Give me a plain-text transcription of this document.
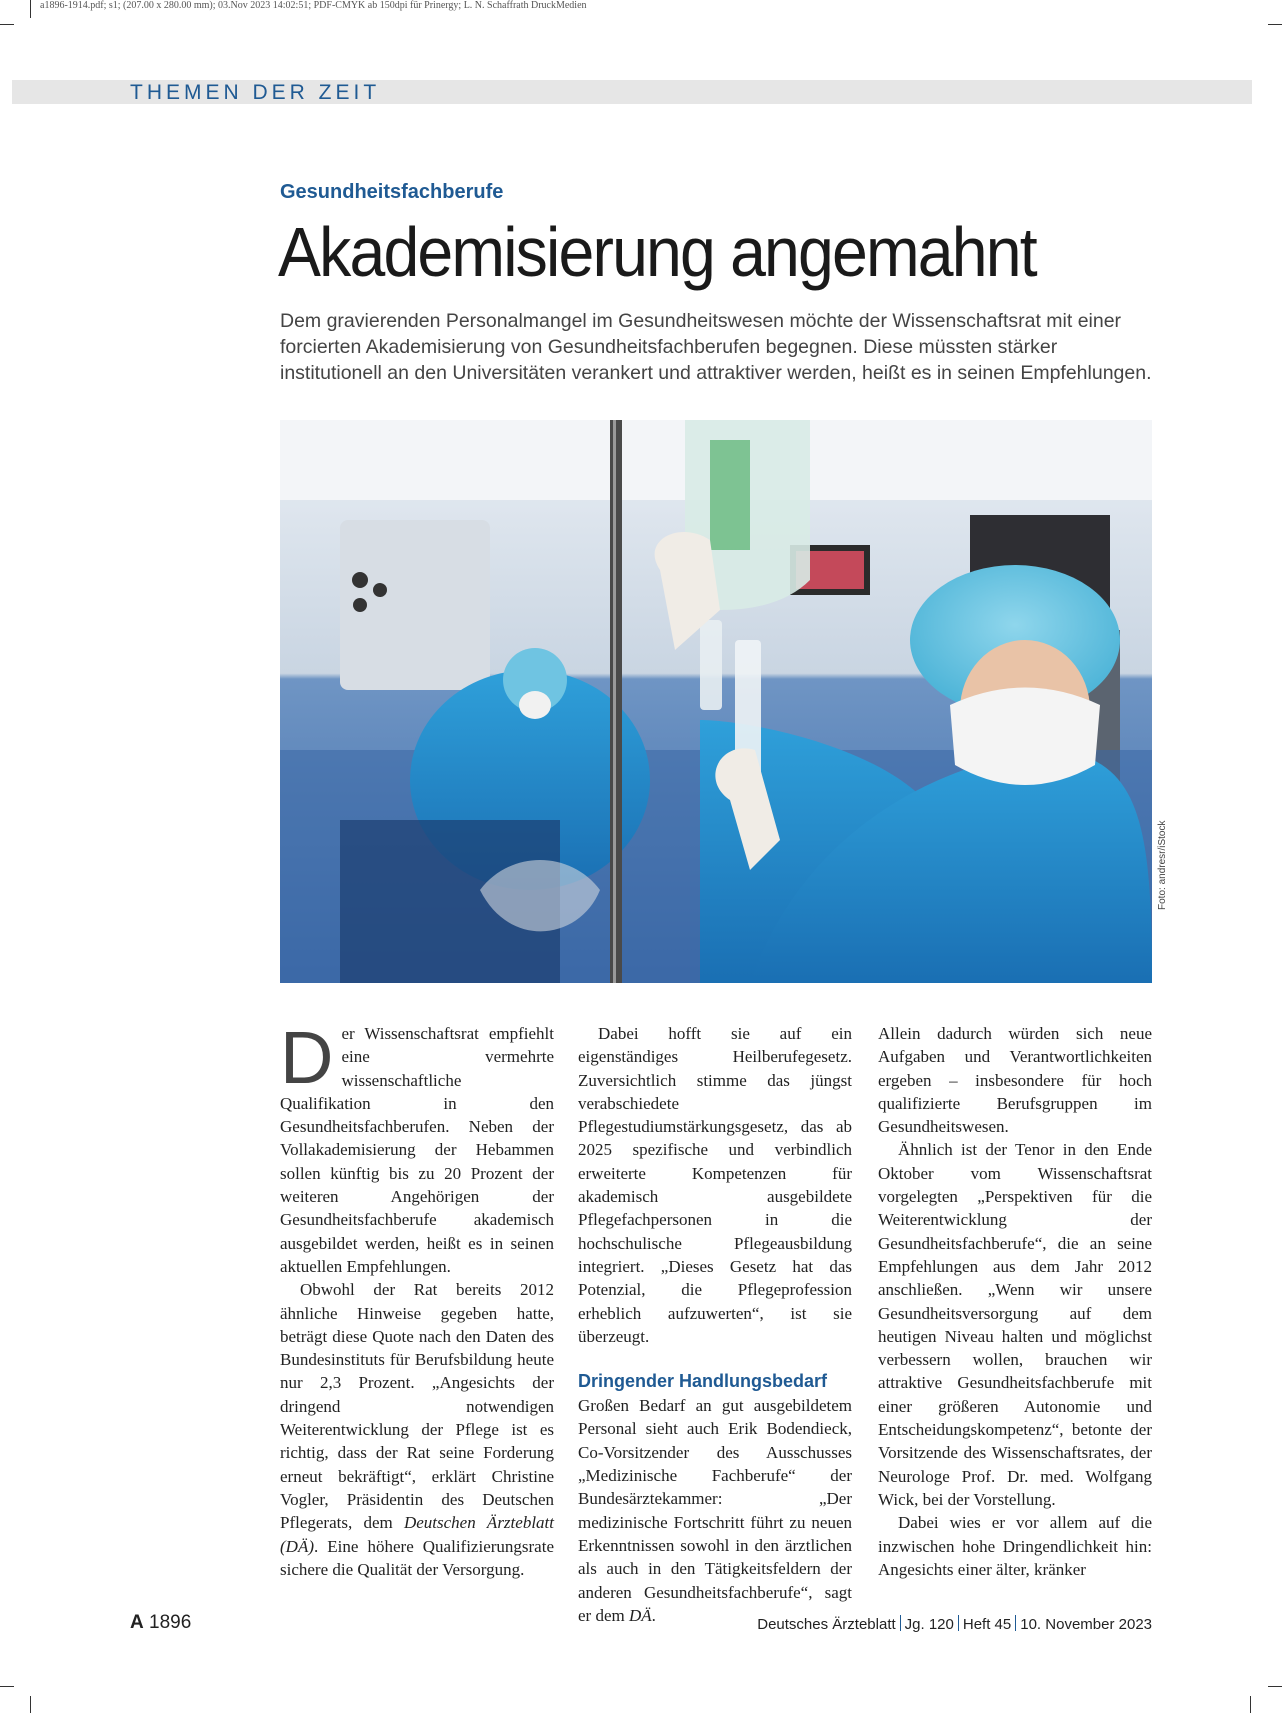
a1896-1914.pdf; s1; (207.00 x 280.00 mm); 03.Nov 2023 14:02:51; PDF-CMYK ab 150dpi für Prinergy; L. N. Schaffrath DruckMedien
THEMEN DER ZEIT
Gesundheitsfachberufe
Akademisierung angemahnt

Dem gravierenden Personalmangel im Gesundheitswesen möchte der Wissenschaftsrat mit einer forcierten Akademisierung von Gesundheitsfachberufen begegnen. Diese müssten stärker institutionell an den Universitäten verankert und attraktiver werden, heißt es in seinen Empfehlungen.

Foto: andresr/iStock

Der Wissenschaftsrat empfiehlt eine vermehrte wissenschaftliche Qualifikation in den Gesundheitsfachberufen. Neben der Vollakademisierung der Hebammen sollen künftig bis zu 20 Prozent der weiteren Angehörigen der Gesundheitsfachberufe akademisch ausgebildet werden, heißt es in seinen aktuellen Empfehlungen.

Obwohl der Rat bereits 2012 ähnliche Hinweise gegeben hatte, beträgt diese Quote nach den Daten des Bundesinstituts für Berufsbildung heute nur 2,3 Prozent. „Angesichts der dringend notwendigen Weiterentwicklung der Pflege ist es richtig, dass der Rat seine Forderung erneut bekräftigt“, erklärt Christine Vogler, Präsidentin des Deutschen Pflegerats, dem Deutschen Ärzteblatt (DÄ). Eine höhere Qualifizierungsrate sichere die Qualität der Versorgung.

Dabei hofft sie auf ein eigenständiges Heilberufegesetz. Zuversichtlich stimme das jüngst verabschiedete Pflegestudiumstärkungsgesetz, das ab 2025 spezifische und verbindlich erweiterte Kompetenzen für akademisch ausgebildete Pflegefachpersonen in die hochschulische Pflegeausbildung integriert. „Dieses Gesetz hat das Potenzial, die Pflegeprofession erheblich aufzuwerten“, ist sie überzeugt.

Dringender Handlungsbedarf

Großen Bedarf an gut ausgebildetem Personal sieht auch Erik Bodendieck, Co-Vorsitzender des Ausschusses „Medizinische Fachberufe“ der Bundesärztekammer: „Der medizinische Fortschritt führt zu neuen Erkenntnissen sowohl in den ärztlichen als auch in den Tätigkeitsfeldern der anderen Gesundheitsfachberufe“, sagt er dem DÄ.

Allein dadurch würden sich neue Aufgaben und Verantwortlichkeiten ergeben – insbesondere für hoch qualifizierte Berufsgruppen im Gesundheitswesen.

Ähnlich ist der Tenor in den Ende Oktober vom Wissenschaftsrat vorgelegten „Perspektiven für die Weiterentwicklung der Gesundheitsfachberufe“, die an seine Empfehlungen aus dem Jahr 2012 anschließen. „Wenn wir unsere Gesundheitsversorgung auf dem heutigen Niveau halten und möglichst verbessern wollen, brauchen wir attraktive Gesundheitsfachberufe mit einer größeren Autonomie und Entscheidungskompetenz“, betonte der Vorsitzende des Wissenschaftsrates, der Neurologe Prof. Dr. med. Wolfgang Wick, bei der Vorstellung.

Dabei wies er vor allem auf die inzwischen hohe Dringendlichkeit hin: Angesichts einer älter, kränker

A 1896	Deutsches Ärzteblatt Jg. 120 Heft 45 10. November 2023
